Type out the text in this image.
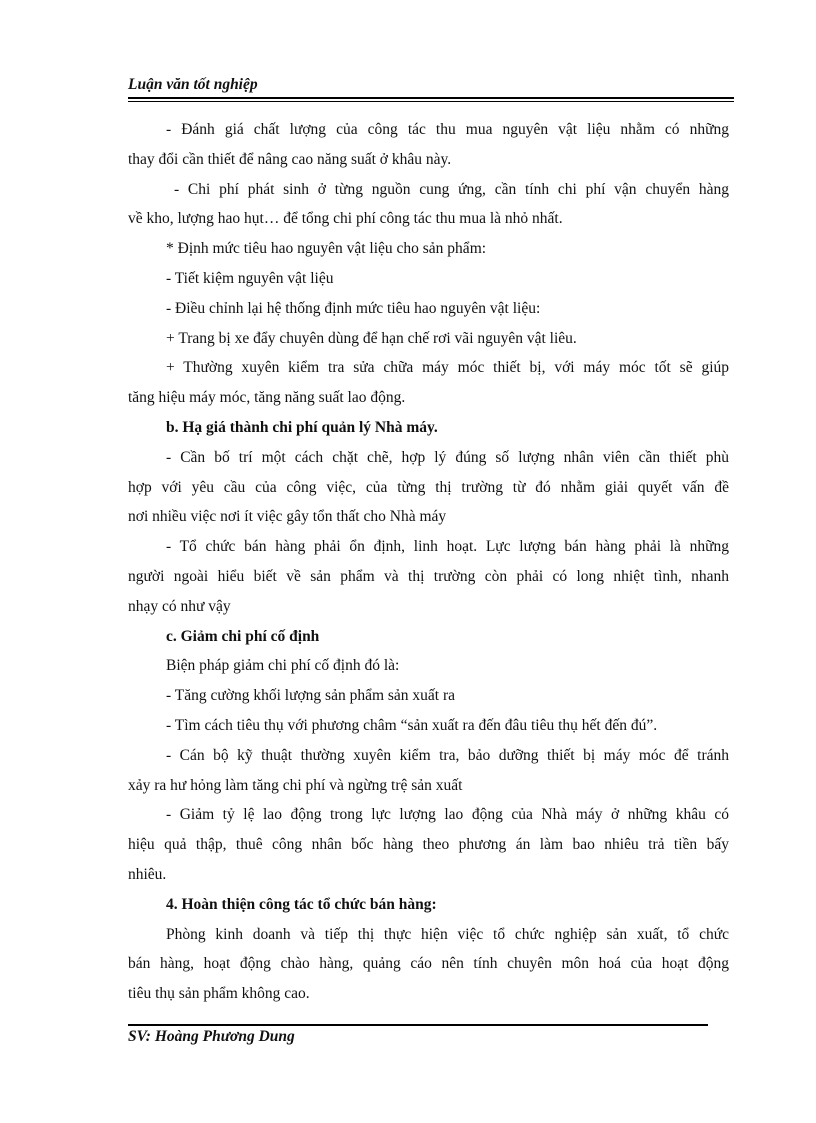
Luận văn tốt nghiệp
- Đánh giá chất lượng của công tác thu mua nguyên vật liệu nhằm có những
thay đổi cần thiết để nâng cao năng suất ở khâu này.
- Chi phí phát sinh ở từng nguồn cung ứng, cần tính chi phí vận chuyển hàng
về kho, lượng hao hụt… để tổng chi phí công tác thu mua là nhỏ nhất.
* Định mức tiêu hao nguyên vật liệu cho sản phẩm:
- Tiết kiệm nguyên vật liệu
- Điều chỉnh lại hệ thống định mức tiêu hao nguyên vật liệu:
+ Trang bị xe đẩy chuyên dùng để hạn chế rơi vãi nguyên vật liêu.
+ Thường xuyên kiểm tra sửa chữa máy móc thiết bị, với máy móc tốt sẽ giúp
tăng hiệu máy móc, tăng năng suất lao động.
b. Hạ giá thành chi phí quản lý Nhà máy.
- Cần bố trí một cách chặt chẽ, hợp lý đúng số lượng nhân viên cần thiết phù
hợp với yêu cầu của công việc, của từng thị trường từ đó nhằm giải quyết vấn đề
nơi nhiều việc nơi ít việc gây tổn thất cho Nhà máy
- Tổ chức bán hàng phải ổn định, linh hoạt. Lực lượng bán hàng phải là những
người ngoài hiểu biết về sản phẩm và thị trường còn phải có long nhiệt tình, nhanh
nhạy có như vậy
c. Giảm chi phí cố định
Biện pháp giảm chi phí cố định đó là:
- Tăng cường khối lượng sản phẩm sản xuất ra
- Tìm cách tiêu thụ với phương châm “sản xuất ra đến đâu tiêu thụ hết đến đú”.
- Cán bộ kỹ thuật thường xuyên kiểm tra, bảo dưỡng thiết bị máy móc để tránh
xảy ra hư hỏng làm tăng chi phí và ngừng trệ sản xuất
- Giảm tỷ lệ lao động trong lực lượng lao động của Nhà máy ở những khâu có
hiệu quả thập, thuê công nhân bốc hàng theo phương án làm bao nhiêu trả tiền bấy
nhiêu.
4. Hoàn thiện công tác tổ chức bán hàng:
Phòng kinh doanh và tiếp thị thực hiện việc tổ chức nghiệp sản xuất, tổ chức
bán hàng, hoạt động chào hàng, quảng cáo nên tính chuyên môn hoá của hoạt động
tiêu thụ sản phẩm không cao.
SV: Hoàng Phương Dung
